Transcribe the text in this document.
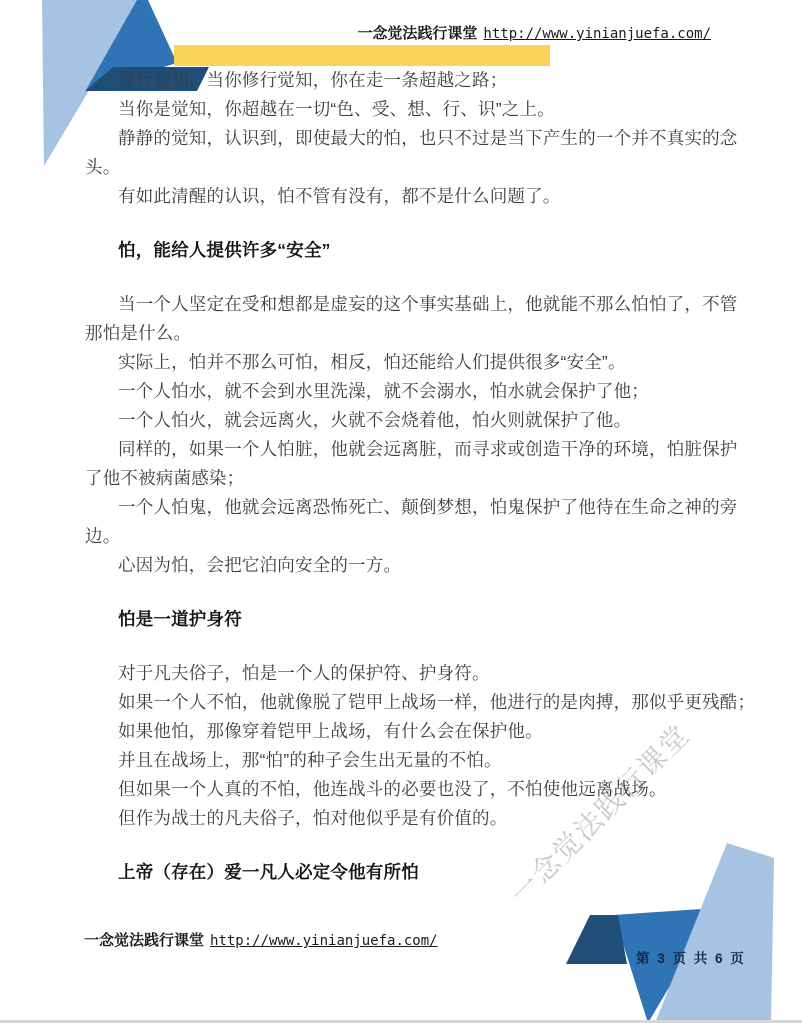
一念觉法践行课堂
一念觉法践行课堂 http://www.yinianjuefa.com/
修行觉知，当你修行觉知，你在走一条超越之路；
当你是觉知，你超越在一切“色、受、想、行、识”之上。
静静的觉知，认识到，即使最大的怕，也只不过是当下产生的一个并不真实的念
头。
有如此清醒的认识，怕不管有没有，都不是什么问题了。
怕，能给人提供许多“安全”
当一个人坚定在受和想都是虚妄的这个事实基础上，他就能不那么怕怕了，不管
那怕是什么。
实际上，怕并不那么可怕，相反，怕还能给人们提供很多“安全”。
一个人怕水，就不会到水里洗澡，就不会溺水，怕水就会保护了他；
一个人怕火，就会远离火，火就不会烧着他，怕火则就保护了他。
同样的，如果一个人怕脏，他就会远离脏，而寻求或创造干净的环境，怕脏保护
了他不被病菌感染；
一个人怕鬼，他就会远离恐怖死亡、颠倒梦想，怕鬼保护了他待在生命之神的旁
边。
心因为怕，会把它泊向安全的一方。
怕是一道护身符
对于凡夫俗子，怕是一个人的保护符、护身符。
如果一个人不怕，他就像脱了铠甲上战场一样，他进行的是肉搏，那似乎更残酷；
如果他怕，那像穿着铠甲上战场，有什么会在保护他。
并且在战场上，那“怕”的种子会生出无量的不怕。
但如果一个人真的不怕，他连战斗的必要也没了，不怕使他远离战场。
但作为战士的凡夫俗子，怕对他似乎是有价值的。
上帝（存在）爱一凡人必定令他有所怕
一念觉法践行课堂 http://www.yinianjuefa.com/
第 3 页 共 6 页
